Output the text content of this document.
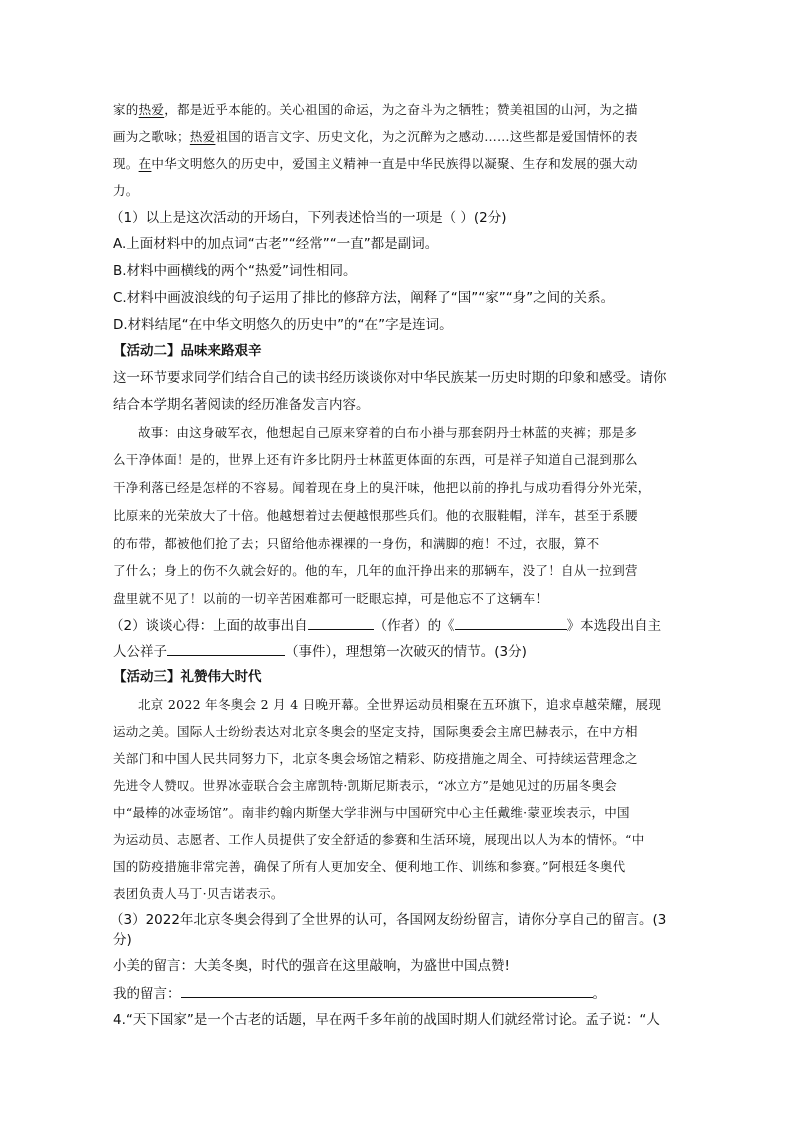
家的热爱，都是近乎本能的。关心祖国的命运，为之奋斗为之牺牲；赞美祖国的山河，为之描
画为之歌咏；热爱祖国的语言文字、历史文化，为之沉醉为之感动……这些都是爱国情怀的表
现。在中华文明悠久的历史中，爱国主义精神一直是中华民族得以凝聚、生存和发展的强大动
力。
（1）以上是这次活动的开场白，下列表述恰当的一项是（ ）(2分)
A.上面材料中的加点词“古老”“经常”“一直”都是副词。
B.材料中画横线的两个“热爱”词性相同。
C.材料中画波浪线的句子运用了排比的修辞方法，阐释了“国”“家”“身”之间的关系。
D.材料结尾“在中华文明悠久的历史中”的“在”字是连词。
【活动二】品味来路艰辛
这一环节要求同学们结合自己的读书经历谈谈你对中华民族某一历史时期的印象和感受。请你
结合本学期名著阅读的经历准备发言内容。
故事：由这身破军衣，他想起自己原来穿着的白布小褂与那套阴丹士林蓝的夹裤；那是多
么干净体面！是的，世界上还有许多比阴丹士林蓝更体面的东西，可是祥子知道自己混到那么
干净利落已经是怎样的不容易。闻着现在身上的臭汗味，他把以前的挣扎与成功看得分外光荣，
比原来的光荣放大了十倍。他越想着过去便越恨那些兵们。他的衣服鞋帽，洋车，甚至于系腰
的布带，都被他们抢了去；只留给他赤裸裸的一身伤，和满脚的疱！不过，衣服，算不
了什么；身上的伤不久就会好的。他的车，几年的血汗挣出来的那辆车，没了！自从一拉到营
盘里就不见了！以前的一切辛苦困难都可一眨眼忘掉，可是他忘不了这辆车！
（2）谈谈心得：上面的故事出自	（作者）的《	》本选段出自主
人公祥子	（事件），理想第一次破灭的情节。(3分)
【活动三】礼赞伟大时代
北京 2022 年冬奥会 2 月 4 日晚开幕。全世界运动员相聚在五环旗下，追求卓越荣耀，展现
运动之美。国际人士纷纷表达对北京冬奥会的坚定支持，国际奥委会主席巴赫表示，在中方相
关部门和中国人民共同努力下，北京冬奥会场馆之精彩、防疫措施之周全、可持续运营理念之
先进令人赞叹。世界冰壶联合会主席凯特·凯斯尼斯表示，“冰立方”是她见过的历届冬奥会
中“最棒的冰壶场馆”。南非约翰内斯堡大学非洲与中国研究中心主任戴维·蒙亚埃表示，中国
为运动员、志愿者、工作人员提供了安全舒适的参赛和生活环境，展现出以人为本的情怀。“中
国的防疫措施非常完善，确保了所有人更加安全、便利地工作、训练和参赛。”阿根廷冬奥代
表团负责人马丁·贝吉诺表示。
（3）2022年北京冬奥会得到了全世界的认可，各国网友纷纷留言，请你分享自己的留言。(3
分)
小美的留言：大美冬奥，时代的强音在这里敲响，为盛世中国点赞!
我的留言：	。
4.“天下国家”是一个古老的话题，早在两千多年前的战国时期人们就经常讨论。孟子说：“人
